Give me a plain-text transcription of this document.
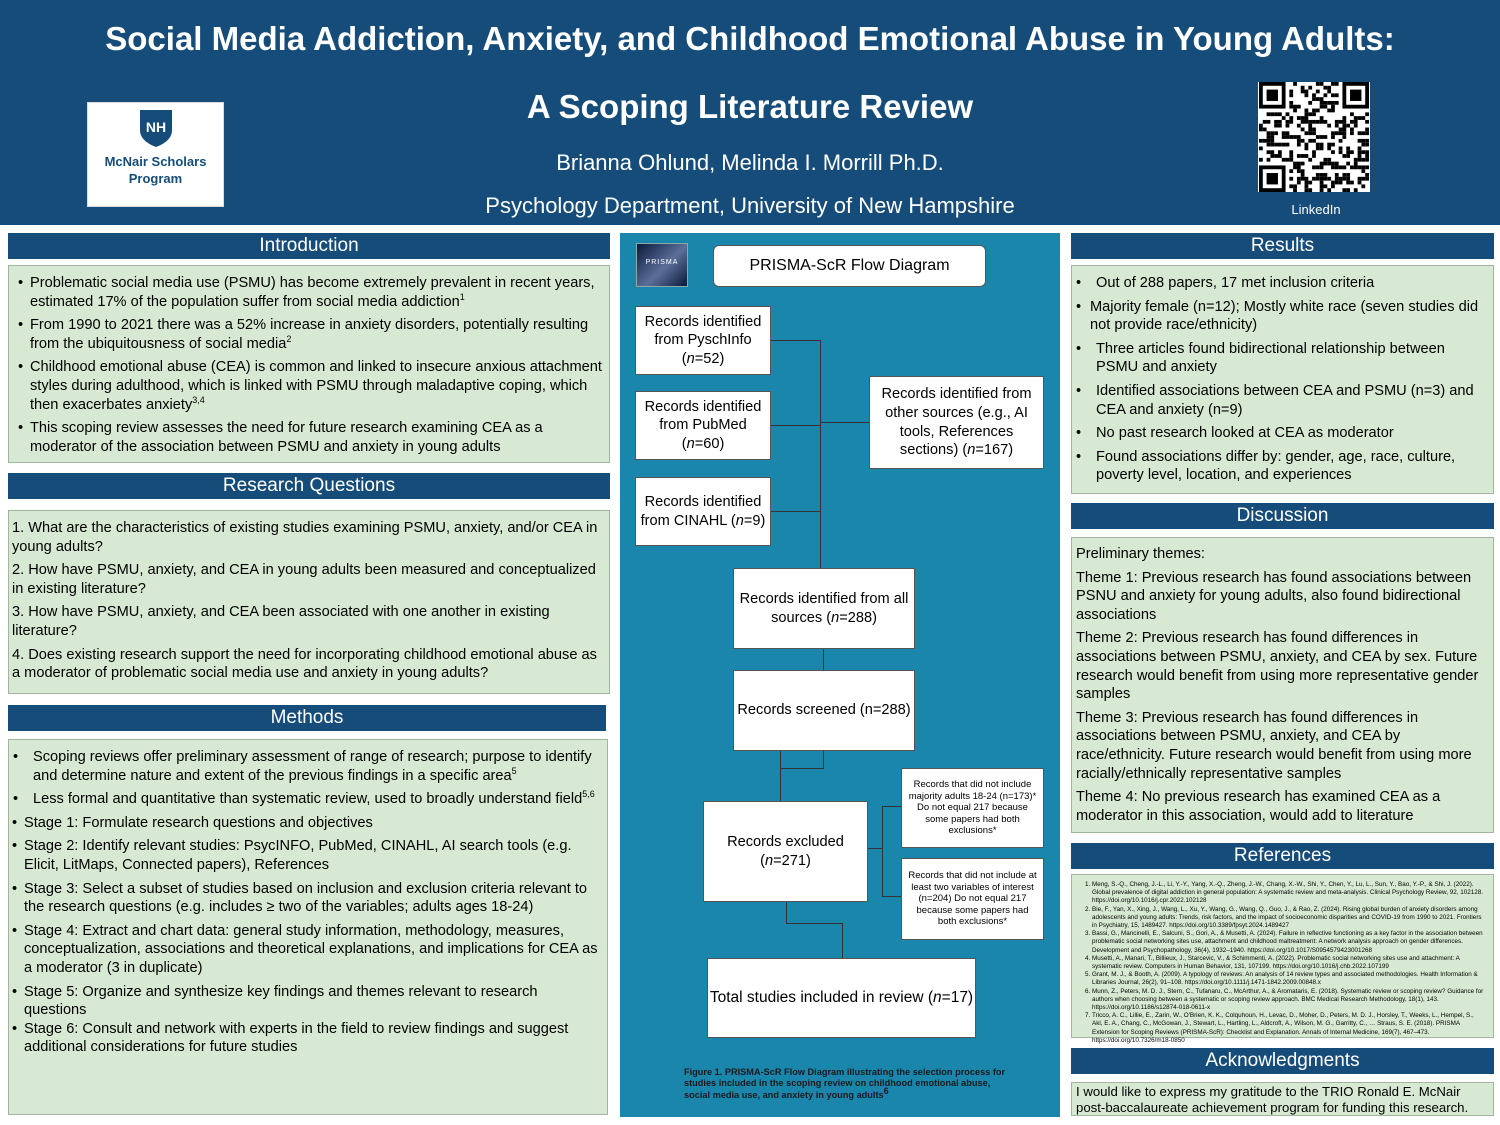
Social Media Addiction, Anxiety, and Childhood Emotional Abuse in Young Adults:
A Scoping Literature Review
Brianna Ohlund, Melinda I. Morrill Ph.D.
Psychology Department, University of New Hampshire
NH
McNair Scholars
Program
LinkedIn
Introduction
• Problematic social media use (PSMU) has become extremely prevalent in recent years, estimated 17% of the population suffer from social media addiction$^1$
• From 1990 to 2021 there was a 52% increase in anxiety disorders, potentially resulting from the ubiquitousness of social media$^2$
• Childhood emotional abuse (CEA) is common and linked to insecure anxious attachment styles during adulthood, which is linked with PSMU through maladaptive coping, which then exacerbates anxiety$^{3,4}$
• This scoping review assesses the need for future research examining CEA as a moderator of the association between PSMU and anxiety in young adults
Research Questions

1. What are the characteristics of existing studies examining PSMU, anxiety, and/or CEA in young adults?

2. How have PSMU, anxiety, and CEA in young adults been measured and conceptualized in existing literature?

3. How have PSMU, anxiety, and CEA been associated with one another in existing literature?

4. Does existing research support the need for incorporating childhood emotional abuse as a moderator of problematic social media use and anxiety in young adults?

Methods
• Scoping reviews offer preliminary assessment of range of research; purpose to identify and determine nature and extent of the previous findings in a specific area$^5$
• Less formal and quantitative than systematic review, used to broadly understand field$^{5,6}$
• Stage 1: Formulate research questions and objectives
• Stage 2: Identify relevant studies: PsycINFO, PubMed, CINAHL, AI search tools (e.g. Elicit, LitMaps, Connected papers), References
• Stage 3: Select a subset of studies based on inclusion and exclusion criteria relevant to the research questions (e.g. includes ≥ two of the variables; adults ages 18-24)
• Stage 4: Extract and chart data: general study information, methodology, measures, conceptualization, associations and theoretical explanations, and implications for CEA as a moderator (3 in duplicate)
• Stage 5: Organize and synthesize key findings and themes relevant to research questions
• Stage 6: Consult and network with experts in the field to review findings and suggest additional considerations for future studies
PRISMA	PRISMA-ScR Flow Diagram
Records identified from PyschInfo (n=52)
Records identified from PubMed (n=60)
Records identified from CINAHL (n=9)
Records identified from other sources (e.g., AI tools, References sections) (n=167)
Records identified from all sources (n=288)
Records screened (n=288)
Records excluded (n=271)
Records that did not include majority adults 18-24 (n=173)* Do not equal 217 because some papers had both exclusions*
Records that did not include at least two variables of interest (n=204) Do not equal 217 because some papers had both exclusions*
Total studies included in review (n=17)
Figure 1. PRISMA-ScR Flow Diagram illustrating the selection process for studies included in the scoping review on childhood emotional abuse, social media use, and anxiety in young adults$^6$
Results
• Out of 288 papers, 17 met inclusion criteria
• Majority female (n=12); Mostly white race (seven studies did not provide race/ethnicity)
• Three articles found bidirectional relationship between PSMU and anxiety
• Identified associations between CEA and PSMU (n=3) and CEA and anxiety (n=9)
• No past research looked at CEA as moderator
• Found associations differ by: gender, age, race, culture, poverty level, location, and experiences
Discussion

Preliminary themes:

Theme 1: Previous research has found associations between PSNU and anxiety for young adults, also found bidirectional associations

Theme 2: Previous research has found differences in associations between PSMU, anxiety, and CEA by sex. Future research would benefit from using more representative gender samples

Theme 3: Previous research has found differences in associations between PSMU, anxiety, and CEA by race/ethnicity. Future research would benefit from using more racially/ethnically representative samples

Theme 4: No previous research has examined CEA as a moderator in this association, would add to literature

References
1. Meng, S.-Q., Cheng, J.-L., Li, Y.-Y., Yang, X.-Q., Zheng, J.-W., Chang, X.-W., Shi, Y., Chen, Y., Lu, L., Sun, Y., Bao, Y.-P., & Shi, J. (2022). Global prevalence of digital addiction in general population: A systematic review and meta-analysis. Clinical Psychology Review, 92, 102128. https://doi.org/10.1016/j.cpr.2022.102128
2. Bie, F., Yan, X., Xing, J., Wang, L., Xu, Y., Wang, G., Wang, Q., Guo, J., & Rao, Z. (2024). Rising global burden of anxiety disorders among adolescents and young adults: Trends, risk factors, and the impact of socioeconomic disparities and COVID-19 from 1990 to 2021. Frontiers in Psychiatry, 15, 1489427. https://doi.org/10.3389/fpsyt.2024.1489427
3. Bassi, G., Mancinelli, E., Salcuni, S., Gori, A., & Musetti, A. (2024). Failure in reflective functioning as a key factor in the association between problematic social networking sites use, attachment and childhood maltreatment: A network analysis approach on gender differences. Development and Psychopathology, 36(4), 1932–1940. https://doi.org/10.1017/S0954579423001268
4. Musetti, A., Manari, T., Billieux, J., Starcevic, V., & Schimmenti, A. (2022). Problematic social networking sites use and attachment: A systematic review. Computers in Human Behavior, 131, 107199. https://doi.org/10.1016/j.chb.2022.107199
5. Grant, M. J., & Booth, A. (2009). A typology of reviews: An analysis of 14 review types and associated methodologies. Health Information & Libraries Journal, 26(2), 91–108. https://doi.org/10.1111/j.1471-1842.2009.00848.x
6. Munn, Z., Peters, M. D. J., Stern, C., Tufanaru, C., McArthur, A., & Aromataris, E. (2018). Systematic review or scoping review? Guidance for authors when choosing between a systematic or scoping review approach. BMC Medical Research Methodology, 18(1), 143. https://doi.org/10.1186/s12874-018-0611-x
7. Tricco, A. C., Lillie, E., Zarin, W., O'Brien, K. K., Colquhoun, H., Levac, D., Moher, D., Peters, M. D. J., Horsley, T., Weeks, L., Hempel, S., Akl, E. A., Chang, C., McGowan, J., Stewart, L., Hartling, L., Aldcroft, A., Wilson, M. G., Garritty, C., … Straus, S. E. (2018). PRISMA Extension for Scoping Reviews (PRISMA-ScR): Checklist and Explanation. Annals of Internal Medicine, 169(7), 467–473. https://doi.org/10.7326/m18-0850
Acknowledgments
I would like to express my gratitude to the TRIO Ronald E. McNair post-baccalaureate achievement program for funding this research.
